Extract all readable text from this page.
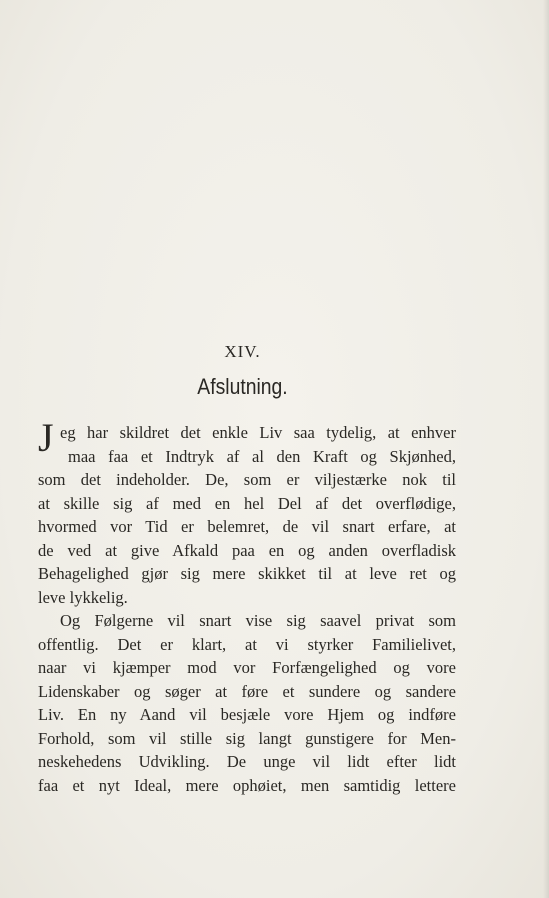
XIV.
Afslutning.
J eg har skildret det enkle Liv saa tydelig, at enhver
maa faa et Indtryk af al den Kraft og Skjønhed,
som det indeholder. De, som er viljestærke nok til
at skille sig af med en hel Del af det overflødige,
hvormed vor Tid er belemret, de vil snart erfare, at
de ved at give Afkald paa en og anden overfladisk
Behagelighed gjør sig mere skikket til at leve ret og
leve lykkelig.
Og Følgerne vil snart vise sig saavel privat som
offentlig. Det er klart, at vi styrker Familielivet,
naar vi kjæmper mod vor Forfængelighed og vore
Lidenskaber og søger at føre et sundere og sandere
Liv. En ny Aand vil besjæle vore Hjem og indføre
Forhold, som vil stille sig langt gunstigere for Men-
neskehedens Udvikling. De unge vil lidt efter lidt
faa et nyt Ideal, mere ophøiet, men samtidig lettere
